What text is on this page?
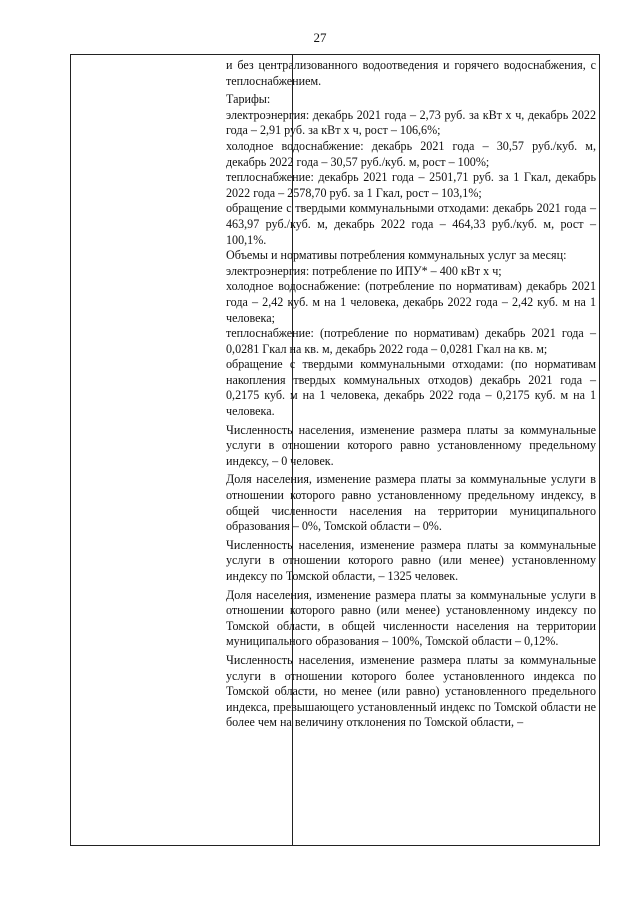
27

и без централизованного водоотведения и горячего водоснабжения, с теплоснабжением.

Тарифы:

электроэнергия: декабрь 2021 года – 2,73 руб. за кВт х ч, декабрь 2022 года – 2,91 руб. за кВт х ч, рост – 106,6%;

холодное водоснабжение: декабрь 2021 года – 30,57 руб./куб. м, декабрь 2022 года – 30,57 руб./куб. м, рост – 100%;

теплоснабжение: декабрь 2021 года – 2501,71 руб. за 1 Гкал, декабрь 2022 года – 2578,70 руб. за 1 Гкал, рост – 103,1%;

обращение с твердыми коммунальными отходами: декабрь 2021 года – 463,97 руб./куб. м, декабрь 2022 года – 464,33 руб./куб. м, рост – 100,1%.

Объемы и нормативы потребления коммунальных услуг за месяц:

электроэнергия: потребление по ИПУ* – 400 кВт х ч;

холодное водоснабжение: (потребление по нормативам) декабрь 2021 года – 2,42 куб. м на 1 человека, декабрь 2022 года – 2,42 куб. м на 1 человека;

теплоснабжение: (потребление по нормативам) декабрь 2021 года – 0,0281 Гкал на кв. м, декабрь 2022 года – 0,0281 Гкал на кв. м;

обращение с твердыми коммунальными отходами: (по нормативам накопления твердых коммунальных отходов) декабрь 2021 года – 0,2175 куб. м на 1 человека, декабрь 2022 года – 0,2175 куб. м на 1 человека.

Численность населения, изменение размера платы за коммунальные услуги в отношении которого равно установленному предельному индексу, – 0 человек.

Доля населения, изменение размера платы за коммунальные услуги в отношении которого равно установленному предельному индексу, в общей численности населения на территории муниципального образования – 0%, Томской области – 0%.

Численность населения, изменение размера платы за коммунальные услуги в отношении которого равно (или менее) установленному индексу по Томской области, – 1325 человек.

Доля населения, изменение размера платы за коммунальные услуги в отношении которого равно (или менее) установленному индексу по Томской области, в общей численности населения на территории муниципального образования – 100%, Томской области – 0,12%.

Численность населения, изменение размера платы за коммунальные услуги в отношении которого более установленного индекса по Томской области, но менее (или равно) установленного предельного индекса, превышающего установленный индекс по Томской области не более чем на величину отклонения по Томской области, –
